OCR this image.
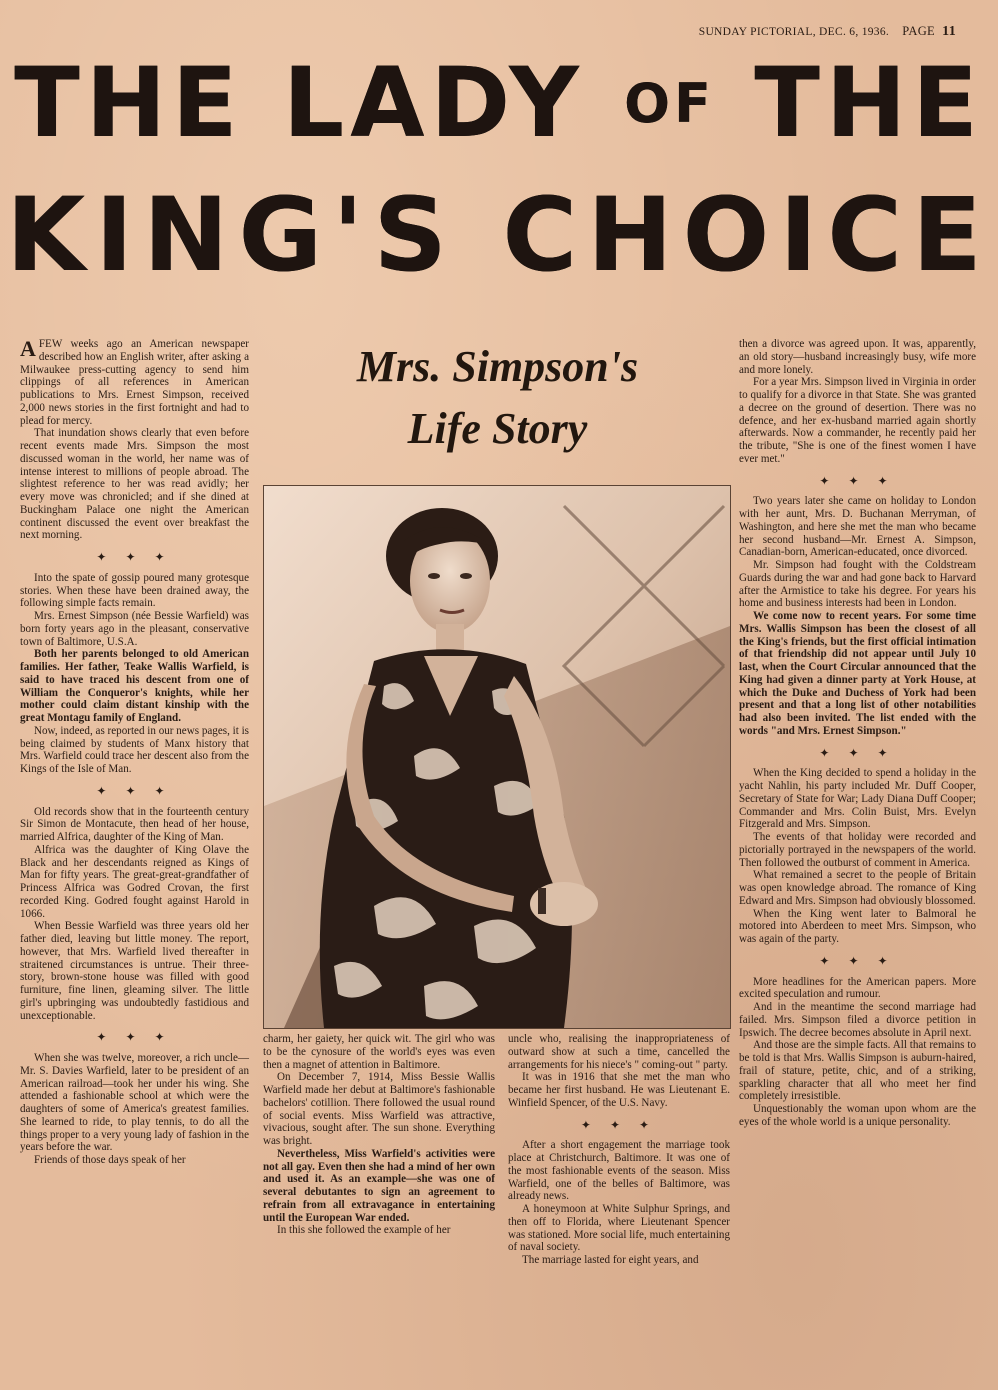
SUNDAY PICTORIAL, DEC. 6, 1936. PAGE 11
THE LADY OF THE
KING'S CHOICE

AFEW weeks ago an American newspaper described how an English writer, after asking a Milwaukee press-cutting agency to send him clippings of all references in American publications to Mrs. Ernest Simpson, received 2,000 news stories in the first fortnight and had to plead for mercy.

That inundation shows clearly that even before recent events made Mrs. Simpson the most discussed woman in the world, her name was of intense interest to millions of people abroad. The slightest reference to her was read avidly; her every move was chronicled; and if she dined at Buckingham Palace one night the American continent discussed the event over breakfast the next morning.

✦ ✦ ✦

Into the spate of gossip poured many grotesque stories. When these have been drained away, the following simple facts remain.

Mrs. Ernest Simpson (née Bessie Warfield) was born forty years ago in the pleasant, conservative town of Baltimore, U.S.A.

Both her parents belonged to old American families. Her father, Teake Wallis Warfield, is said to have traced his descent from one of William the Conqueror's knights, while her mother could claim distant kinship with the great Montagu family of England.

Now, indeed, as reported in our news pages, it is being claimed by students of Manx history that Mrs. Warfield could trace her descent also from the Kings of the Isle of Man.

✦ ✦ ✦

Old records show that in the fourteenth century Sir Simon de Montacute, then head of her house, married Alfrica, daughter of the King of Man.

Alfrica was the daughter of King Olave the Black and her descendants reigned as Kings of Man for fifty years. The great-great-grandfather of Princess Alfrica was Godred Crovan, the first recorded King. Godred fought against Harold in 1066.

When Bessie Warfield was three years old her father died, leaving but little money. The report, however, that Mrs. Warfield lived thereafter in straitened circumstances is untrue. Their three-story, brown-stone house was filled with good furniture, fine linen, gleaming silver. The little girl's upbringing was undoubtedly fastidious and unexceptionable.

✦ ✦ ✦

When she was twelve, moreover, a rich uncle—Mr. S. Davies Warfield, later to be president of an American railroad—took her under his wing. She attended a fashionable school at which were the daughters of some of America's greatest families. She learned to ride, to play tennis, to do all the things proper to a very young lady of fashion in the years before the war.

Friends of those days speak of her

Mrs. Simpson's
Life Story

charm, her gaiety, her quick wit. The girl who was to be the cynosure of the world's eyes was even then a magnet of attention in Baltimore.

On December 7, 1914, Miss Bessie Wallis Warfield made her debut at Baltimore's fashionable bachelors' cotillion. There followed the usual round of social events. Miss Warfield was attractive, vivacious, sought after. The sun shone. Everything was bright.

Nevertheless, Miss Warfield's activities were not all gay. Even then she had a mind of her own and used it. As an example—she was one of several debutantes to sign an agreement to refrain from all extravagance in entertaining until the European War ended.

In this she followed the example of her

uncle who, realising the inappropriateness of outward show at such a time, cancelled the arrangements for his niece's " coming-out " party.

It was in 1916 that she met the man who became her first husband. He was Lieutenant E. Winfield Spencer, of the U.S. Navy.

✦ ✦ ✦

After a short engagement the marriage took place at Christchurch, Baltimore. It was one of the most fashionable events of the season. Miss Warfield, one of the belles of Baltimore, was already news.

A honeymoon at White Sulphur Springs, and then off to Florida, where Lieutenant Spencer was stationed. More social life, much entertaining of naval society.

The marriage lasted for eight years, and

then a divorce was agreed upon. It was, apparently, an old story—husband increasingly busy, wife more and more lonely.

For a year Mrs. Simpson lived in Virginia in order to qualify for a divorce in that State. She was granted a decree on the ground of desertion. There was no defence, and her ex-husband married again shortly afterwards. Now a commander, he recently paid her the tribute, "She is one of the finest women I have ever met."

✦ ✦ ✦

Two years later she came on holiday to London with her aunt, Mrs. D. Buchanan Merryman, of Washington, and here she met the man who became her second husband—Mr. Ernest A. Simpson, Canadian-born, American-educated, once divorced.

Mr. Simpson had fought with the Coldstream Guards during the war and had gone back to Harvard after the Armistice to take his degree. For years his home and business interests had been in London.

We come now to recent years. For some time Mrs. Wallis Simpson has been the closest of all the King's friends, but the first official intimation of that friendship did not appear until July 10 last, when the Court Circular announced that the King had given a dinner party at York House, at which the Duke and Duchess of York had been present and that a long list of other notabilities had also been invited. The list ended with the words "and Mrs. Ernest Simpson."

✦ ✦ ✦

When the King decided to spend a holiday in the yacht Nahlin, his party included Mr. Duff Cooper, Secretary of State for War; Lady Diana Duff Cooper; Commander and Mrs. Colin Buist, Mrs. Evelyn Fitzgerald and Mrs. Simpson.

The events of that holiday were recorded and pictorially portrayed in the newspapers of the world. Then followed the outburst of comment in America.

What remained a secret to the people of Britain was open knowledge abroad. The romance of King Edward and Mrs. Simpson had obviously blossomed.

When the King went later to Balmoral he motored into Aberdeen to meet Mrs. Simpson, who was again of the party.

✦ ✦ ✦

More headlines for the American papers. More excited speculation and rumour.

And in the meantime the second marriage had failed. Mrs. Simpson filed a divorce petition in Ipswich. The decree becomes absolute in April next.

And those are the simple facts. All that remains to be told is that Mrs. Wallis Simpson is auburn-haired, frail of stature, petite, chic, and of a striking, sparkling character that all who meet her find completely irresistible.

Unquestionably the woman upon whom are the eyes of the whole world is a unique personality.
